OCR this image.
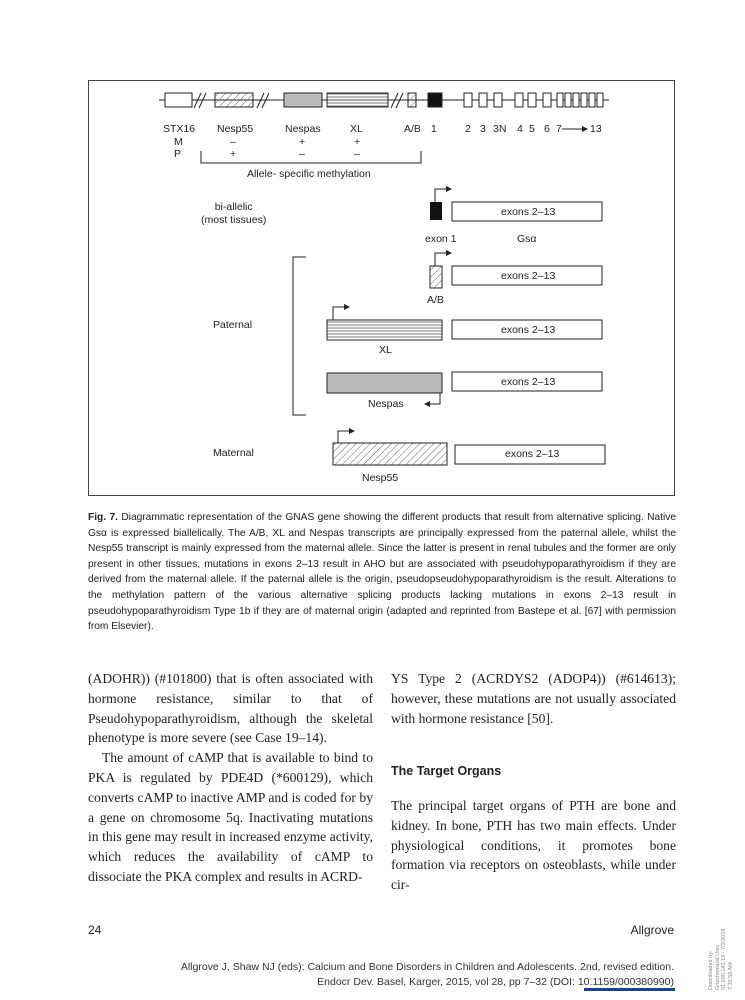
STX16 Nesp55	Nespas	XL	A/B 1	2 3 3N 4 5 6 7	13
M	–	+	+
P	+	–	–
Allele- specific methylation
bi-allelic
(most tissues)
exons 2–13
exon 1	Gsα
exons 2–13
A/B
Paternal	exons 2–13
XL
exons 2–13
Nespas
Maternal	exons 2–13
Nesp55
Fig. 7. Diagrammatic representation of the GNAS gene showing the different products that result from alternative splicing. Native Gsα is expressed biallelically. The A/B, XL and Nespas transcripts are principally expressed from the paternal allele, whilst the Nesp55 transcript is mainly expressed from the maternal allele. Since the latter is present in renal tubules and the former are only present in other tissues, mutations in exons 2–13 result in AHO but are associated with pseudohypoparathyroidism if they are derived from the maternal allele. If the paternal allele is the origin, pseudopseudohypoparathyroidism is the result. Alterations to the methylation pattern of the various alternative splicing products lacking mutations in exons 2–13 result in pseudohypoparathyroidism Type 1b if they are of maternal origin (adapted and reprinted from Bastepe et al. [67] with permission from Elsevier).

(ADOHR)) (#101800) that is often associated with hormone resistance, similar to that of Pseudohypoparathyroidism, although the skeletal phenotype is more severe (see Case 19–14).

The amount of cAMP that is available to bind to PKA is regulated by PDE4D (*600129), which converts cAMP to inactive AMP and is coded for by a gene on chromosome 5q. Inactivating mutations in this gene may result in increased enzyme activity, which reduces the availability of cAMP to dissociate the PKA complex and results in ACRD-

YS Type 2 (ACRDYS2 (ADOP4)) (#614613); however, these mutations are not usually associated with hormone resistance [50].

The Target Organs

The principal target organs of PTH are bone and kidney. In bone, PTH has two main effects. Under physiological conditions, it promotes bone formation via receptors on osteoblasts, while under cir-

24	Allgrove
Allgrove J, Shaw NJ (eds): Calcium and Bone Disorders in Children and Adolescents. 2nd, revised edition.
Endocr Dev. Basel, Karger, 2015, vol 28, pp 7–32 (DOI: 10.1159/000380990)	Downloaded by:
Griechenland Univ
91.200.143.19 - 7/3/2019 7:39:56 AM
